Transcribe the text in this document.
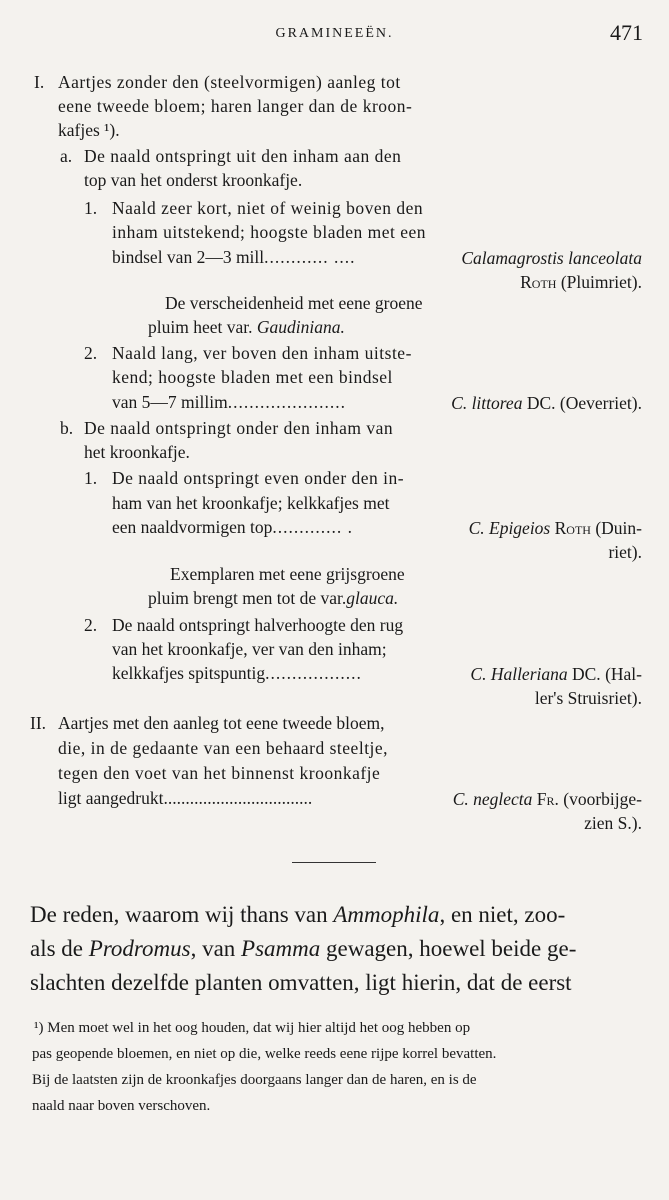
GRAMINEEËN.	471
I. Aartjes zonder den (steelvormigen) aanleg tot
eene tweede bloem; haren langer dan de kroon-
kafjes ¹).
a. De naald ontspringt uit den inham aan den
top van het onderst kroonkafje.
1. Naald zeer kort, niet of weinig boven den
inham uitstekend; hoogste bladen met een
bindsel van 2—3 mill............ ....	Calamagrostis lanceolata
Roth (Pluimriet).
De verscheidenheid met eene groene
pluim heet var. Gaudiniana.
2. Naald lang, ver boven den inham uitste-
kend; hoogste bladen met een bindsel
van 5—7 millim......................	C. littorea DC. (Oeverriet).
b. De naald ontspringt onder den inham van
het kroonkafje.
1. De naald ontspringt even onder den in-
ham van het kroonkafje; kelkkafjes met
een naaldvormigen top............. .	C. Epigeios Roth (Duin-
riet).
Exemplaren met eene grijsgroene
pluim brengt men tot de var.glauca.
2. De naald ontspringt halverhoogte den rug
van het kroonkafje, ver van den inham;
kelkkafjes spitspuntig..................	C. Halleriana DC. (Hal-
ler's Struisriet).
II. Aartjes met den aanleg tot eene tweede bloem,
die, in de gedaante van een behaard steeltje,
tegen den voet van het binnenst kroonkafje
ligt aangedrukt..................................	C. neglecta Fr. (voorbijge-
zien S.).
De reden, waarom wij thans van Ammophila, en niet, zoo-
als de Prodromus, van Psamma gewagen, hoewel beide ge-
slachten dezelfde planten omvatten, ligt hierin, dat de eerst
¹) Men moet wel in het oog houden, dat wij hier altijd het oog hebben op
pas geopende bloemen, en niet op die, welke reeds eene rijpe korrel bevatten.
Bij de laatsten zijn de kroonkafjes doorgaans langer dan de haren, en is de
naald naar boven verschoven.
